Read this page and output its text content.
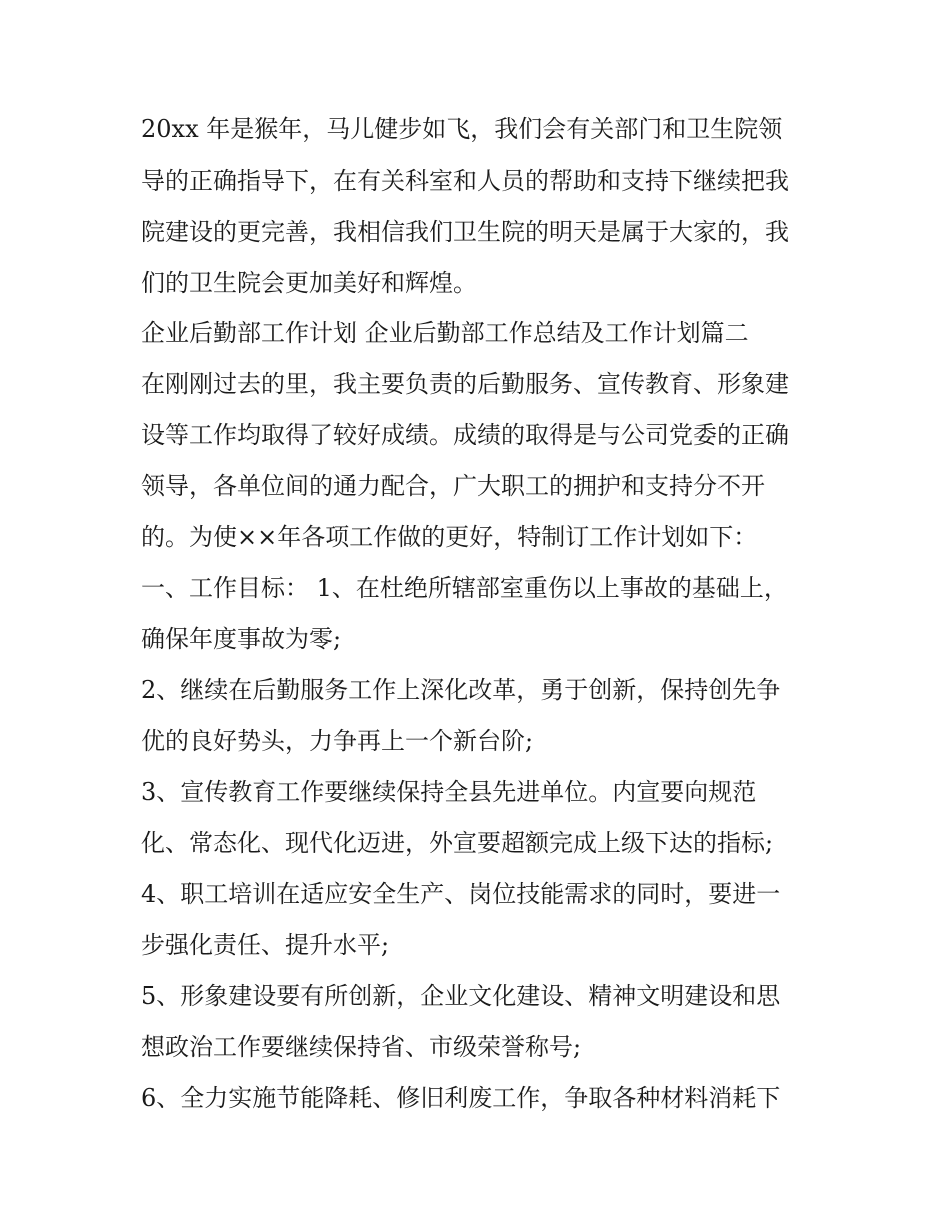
20xx 年是猴年，马儿健步如飞，我们会有关部门和卫生院领
导的正确指导下，在有关科室和人员的帮助和支持下继续把我
院建设的更完善，我相信我们卫生院的明天是属于大家的，我
们的卫生院会更加美好和辉煌。
企业后勤部工作计划 企业后勤部工作总结及工作计划篇二
在刚刚过去的里，我主要负责的后勤服务、宣传教育、形象建
设等工作均取得了较好成绩。成绩的取得是与公司党委的正确
领导，各单位间的通力配合，广大职工的拥护和支持分不开
的。为使××年各项工作做的更好，特制订工作计划如下：
一、工作目标： 1、在杜绝所辖部室重伤以上事故的基础上，
确保年度事故为零;
2、继续在后勤服务工作上深化改革，勇于创新，保持创先争
优的良好势头，力争再上一个新台阶;
3、宣传教育工作要继续保持全县先进单位。内宣要向规范
化、常态化、现代化迈进，外宣要超额完成上级下达的指标;
4、职工培训在适应安全生产、岗位技能需求的同时，要进一
步强化责任、提升水平;
5、形象建设要有所创新，企业文化建设、精神文明建设和思
想政治工作要继续保持省、市级荣誉称号;
6、全力实施节能降耗、修旧利废工作，争取各种材料消耗下
